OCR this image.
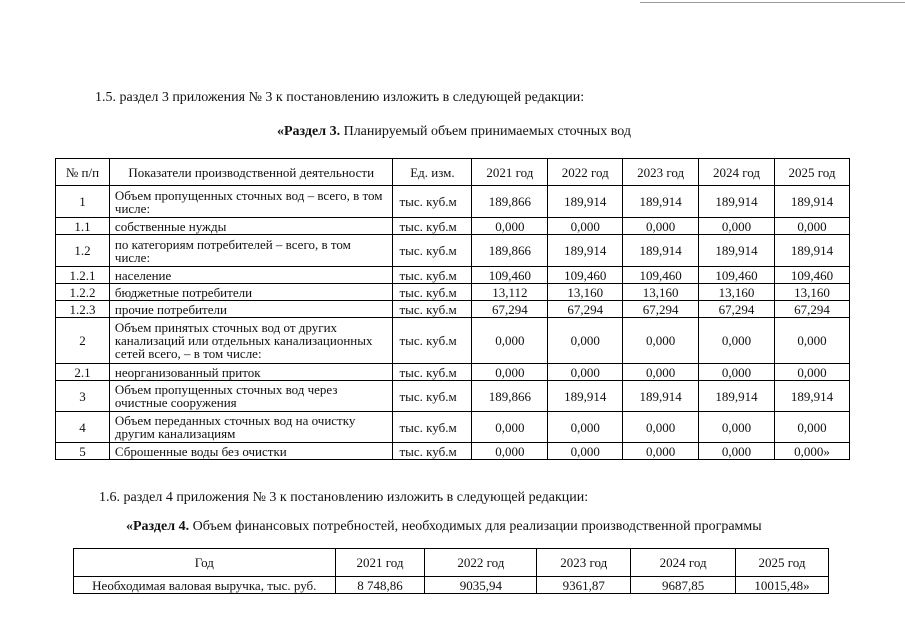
1.5. раздел 3 приложения № 3 к постановлению изложить в следующей редакции:
«Раздел 3. Планируемый объем принимаемых сточных вод
№ п/п	Показатели производственной деятельности	Ед. изм.	2021 год	2022 год	2023 год	2024 год	2025 год
1	Объем пропущенных сточных вод – всего, в том числе:	тыс. куб.м	189,866	189,914	189,914	189,914	189,914
1.1	собственные нужды	тыс. куб.м	0,000	0,000	0,000	0,000	0,000
1.2	по категориям потребителей – всего, в том числе:	тыс. куб.м	189,866	189,914	189,914	189,914	189,914
1.2.1	население	тыс. куб.м	109,460	109,460	109,460	109,460	109,460
1.2.2	бюджетные потребители	тыс. куб.м	13,112	13,160	13,160	13,160	13,160
1.2.3	прочие потребители	тыс. куб.м	67,294	67,294	67,294	67,294	67,294
2	Объем принятых сточных вод от других канализаций или отдельных канализационных сетей всего, – в том числе:	тыс. куб.м	0,000	0,000	0,000	0,000	0,000
2.1	неорганизованный приток	тыс. куб.м	0,000	0,000	0,000	0,000	0,000
3	Объем пропущенных сточных вод через очистные сооружения	тыс. куб.м	189,866	189,914	189,914	189,914	189,914
4	Объем переданных сточных вод на очистку другим канализациям	тыс. куб.м	0,000	0,000	0,000	0,000	0,000
5	Сброшенные воды без очистки	тыс. куб.м	0,000	0,000	0,000	0,000	0,000»
1.6. раздел 4 приложения № 3 к постановлению изложить в следующей редакции:
«Раздел 4. Объем финансовых потребностей, необходимых для реализации производственной программы
Год	2021 год	2022 год	2023 год	2024 год	2025 год
Необходимая валовая выручка, тыс. руб.	8 748,86	9035,94	9361,87	9687,85	10015,48»
